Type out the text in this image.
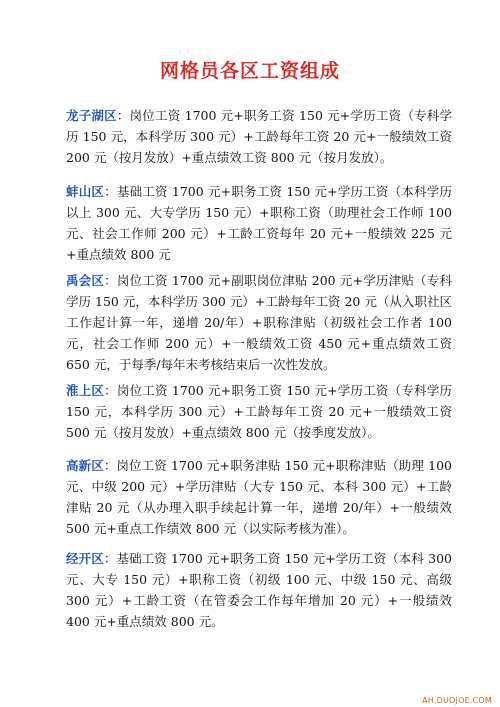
网格员各区工资组成
龙子湖区：岗位工资 1700 元+职务工资 150 元+学历工资（专科学历 150 元，本科学历 300 元）+工龄每年工资 20 元+一般绩效工资 200 元（按月发放）+重点绩效工资 800 元（按月发放）。
蚌山区：基础工资 1700 元+职务工资 150 元+学历工资（本科学历以上 300 元、大专学历 150 元）+职称工资（助理社会工作师 100 元、社会工作师 200 元）+工龄工资每年 20 元+一般绩效 225 元+重点绩效 800 元
禹会区：岗位工资 1700 元+副职岗位津贴 200 元+学历津贴（专科学历 150 元，本科学历 300 元）+工龄每年工资 20 元（从入职社区工作起计算一年，递增 20/年）+职称津贴（初级社会工作者 100 元，社会工作师 200 元）+一般绩效工资 450 元+重点绩效工资 650 元，于每季/每年末考核结束后一次性发放。
淮上区：岗位工资 1700 元+职务工资 150 元+学历工资（专科学历 150 元，本科学历 300 元）+工龄每年工资 20 元+一般绩效工资 500 元（按月发放）+重点绩效 800 元（按季度发放）。
高新区：岗位工资 1700 元+职务津贴 150 元+职称津贴（助理 100 元、中级 200 元）+学历津贴（大专 150 元、本科 300 元）+工龄津贴 20 元（从办理入职手续起计算一年，递增 20/年）+一般绩效 500 元+重点工作绩效 800 元（以实际考核为准）。
经开区：基础工资 1700 元+职务工资 150 元+学历工资（本科 300 元、大专 150 元）+职称工资（初级 100 元、中级 150 元、高级 300 元）+工龄工资（在管委会工作每年增加 20 元）+一般绩效 400 元+重点绩效 800 元。
AH.DUOJOE.COM
